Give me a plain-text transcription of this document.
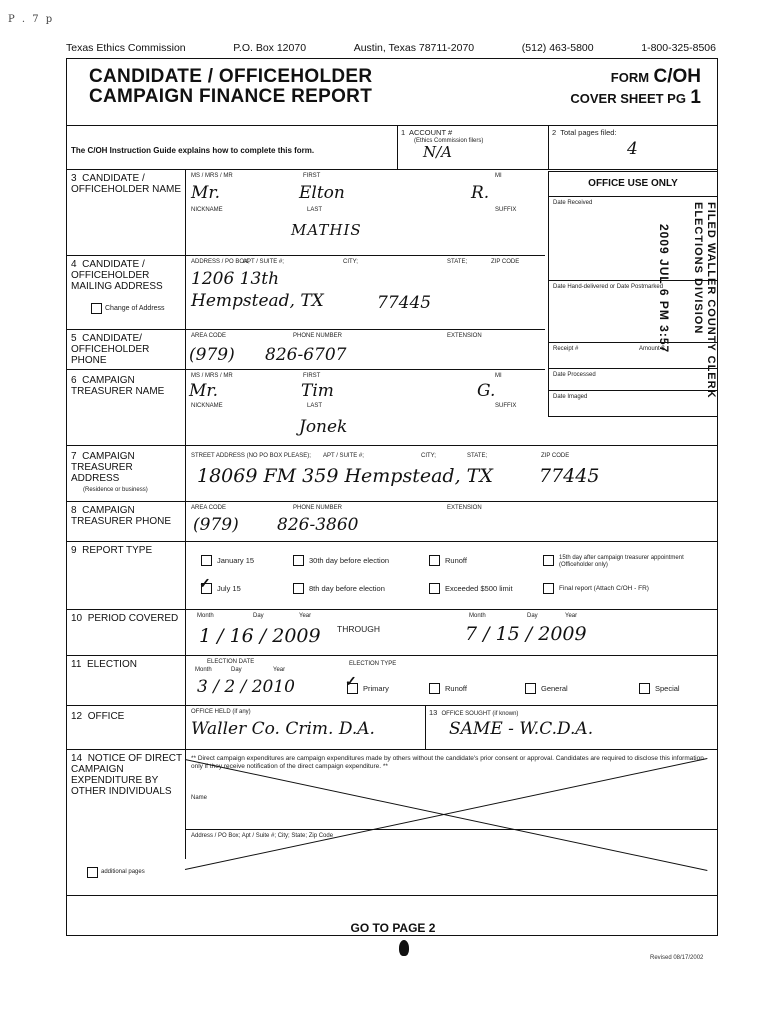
P . 7 p
Texas Ethics Commission	P.O. Box 12070	Austin, Texas 78711-2070	(512) 463-5800	1-800-325-8506
CANDIDATE / OFFICEHOLDER
CAMPAIGN FINANCE REPORT
FORM C/OH
COVER SHEET PG 1
The C/OH Instruction Guide explains how to complete this form.
1 ACCOUNT #
(Ethics Commission filers)
N/A
2 Total pages filed:
4
OFFICE USE ONLY
Date Received
Date Hand-delivered or Date Postmarked
Receipt #	Amount $
Date Processed
Date Imaged
2009 JUL 6 PM 3:57	FILED WALLER COUNTY CLERK ELECTIONS DIVISION
3 CANDIDATE / OFFICEHOLDER NAME
MS / MRS / MR	FIRST	MI
Mr.	Elton	R.
NICKNAME	LAST	SUFFIX
MATHIS
4 CANDIDATE / OFFICEHOLDER MAILING ADDRESS
Change of Address
ADDRESS / PO BOX;
APT / SUITE #;	CITY;	STATE;	ZIP CODE
1206 13th
Hempstead, TX	77445
5 CANDIDATE/ OFFICEHOLDER PHONE
AREA CODE	PHONE NUMBER	EXTENSION
(979) 826-6707
6 CAMPAIGN TREASURER NAME
MS / MRS / MR	FIRST	MI
Mr.	Tim	G.
NICKNAME	LAST	SUFFIX
Jonek
7 CAMPAIGN TREASURER ADDRESS
(Residence or business)
STREET ADDRESS (NO PO BOX PLEASE); APT / SUITE #;	CITY;	STATE;	ZIP CODE
18069 FM 359 Hempstead, TX 77445
8 CAMPAIGN TREASURER PHONE
AREA CODE	PHONE NUMBER	EXTENSION
(979) 826-3860
9 REPORT TYPE
January 15	30th day before election	Runoff	15th day after campaign treasurer appointment (Officeholder only)
✓ July 15	8th day before election	Exceeded $500 limit	Final report (Attach C/OH - FR)
10 PERIOD COVERED	Month	Day	Year	Month	Day	Year
1 / 16 / 2009 THROUGH	7 / 15 / 2009
11 ELECTION	ELECTION DATE
Month	Day	Year
3 / 2 / 2010
ELECTION TYPE
✓ Primary	Runoff	General	Special
12 OFFICE	OFFICE HELD (if any)
Waller Co. Crim. D.A.
13 OFFICE SOUGHT (if known)
SAME - W.C.D.A.
14 NOTICE OF DIRECT CAMPAIGN EXPENDITURE BY OTHER INDIVIDUALS
** Direct campaign expenditures are campaign expenditures made by others without the candidate's prior consent or approval. Candidates are required to disclose this information only if they receive notification of the direct campaign expenditure. **
Name
Address / PO Box; Apt / Suite #; City; State; Zip Code
additional pages
GO TO PAGE 2
Revised 08/17/2002
